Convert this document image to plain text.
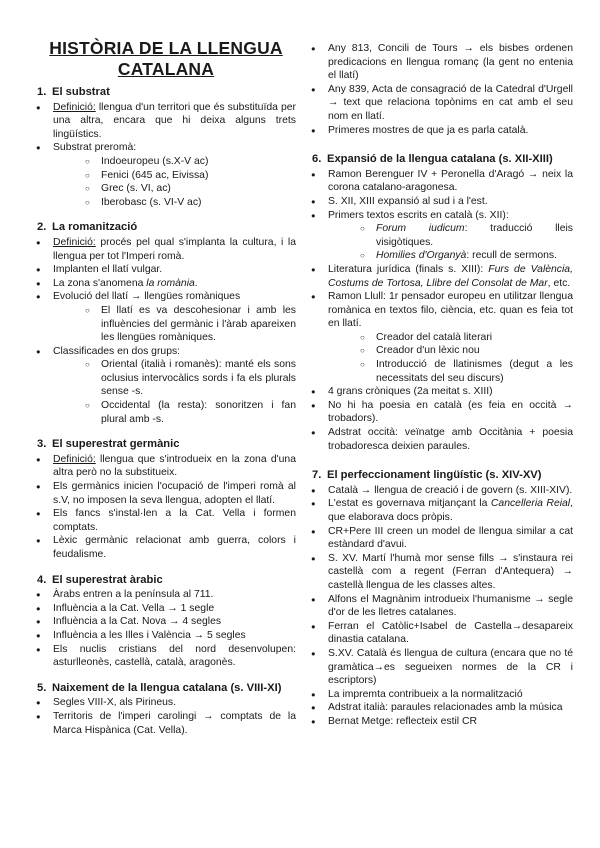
HISTÒRIA DE LA LLENGUA CATALANA
1. El substrat
● Definició: llengua d'un territori que és substituïda per una altra, encara que hi deixa alguns trets lingüístics.
● Substrat preromà:
○ Indoeuropeu (s.X-V ac)
○ Fenici (645 ac, Eivissa)
○ Grec (s. VI, ac)
○ Iberobasc (s. VI-V ac)
2. La romanització
● Definició: procés pel qual s'implanta la cultura, i la llengua per tot l'Imperi romà.
● Implanten el llatí vulgar.
● La zona s'anomena la romània.
● Evolució del llatí → llengües romàniques
○ El llatí es va descohesionar i amb les influències del germànic i l'àrab apareixen les llengües romàniques.
● Classificades en dos grups:
○ Oriental (italià i romanès): manté els sons oclusius intervocàlics sords i fa els plurals sense -s.
○ Occidental (la resta): sonoritzen i fan plural amb -s.
3. El superestrat germànic
● Definició: llengua que s'introdueix en la zona d'una altra però no la substitueix.
● Els germànics inicien l'ocupació de l'imperi romà al s.V, no imposen la seva llengua, adopten el llatí.
● Els fancs s'instal·len a la Cat. Vella i formen comptats.
● Lèxic germànic relacionat amb guerra, colors i feudalisme.
4. El superestrat àrabic
● Àrabs entren a la península al 711.
● Influència a la Cat. Vella → 1 segle
● Influència a la Cat. Nova → 4 segles
● Influència a les Illes i València → 5 segles
● Els nuclis cristians del nord desenvolupen: asturlleonès, castellà, català, aragonès.
5. Naixement de la llengua catalana (s. VIII-XI)
● Segles VIII-X, als Pirineus.
● Territoris de l'imperi carolingi → comptats de la Marca Hispànica (Cat. Vella).
● Any 813, Concili de Tours → els bisbes ordenen predicacions en llengua romanç (la gent no entenia el llatí)
● Any 839, Acta de consagració de la Catedral d'Urgell → text que relaciona topònims en cat amb el seu nom en llatí.
● Primeres mostres de que ja es parla català.
6. Expansió de la llengua catalana (s. XII-XIII)
● Ramon Berenguer IV + Peronella d'Aragó → neix la corona catalano-aragonesa.
● S. XII, XIII expansió al sud i a l'est.
● Primers textos escrits en català (s. XII):
○ Forum iudicum: traducció lleis visigòtiques.
○ Homilies d'Organyà: recull de sermons.
● Literatura jurídica (finals s. XIII): Furs de València, Costums de Tortosa, Llibre del Consolat de Mar, etc.
● Ramon Llull: 1r pensador europeu en utilitzar llengua romànica en textos filo, ciència, etc. quan es feia tot en llatí.
○ Creador del català literari
○ Creador d'un lèxic nou
○ Introducció de llatinismes (degut a les necessitats del seu discurs)
● 4 grans cròniques (2a meitat s. XIII)
● No hi ha poesia en català (es feia en occità → trobadors).
● Adstrat occità: veïnatge amb Occitània + poesia trobadoresca deixien paraules.
7. El perfeccionament lingüístic (s. XIV-XV)
● Català → llengua de creació i de govern (s. XIII-XIV).
● L'estat es governava mitjançant la Cancelleria Reial, que elaborava docs pròpis.
● CR+Pere III creen un model de llengua similar a cat estàndard d'avui.
● S. XV. Martí l'humà mor sense fills → s'instaura rei castellà com a regent (Ferran d'Antequera) → castellà llengua de les classes altes.
● Alfons el Magnànim introdueix l'humanisme → segle d'or de les lletres catalanes.
● Ferran el Catòlic+Isabel de Castella→desapareix dinastia catalana.
● S.XV. Català és llengua de cultura (encara que no té gramàtica→es segueixen normes de la CR i escriptors)
● La impremta contribueix a la normalització
● Adstrat italià: paraules relacionades amb la música
● Bernat Metge: reflecteix estil CR
